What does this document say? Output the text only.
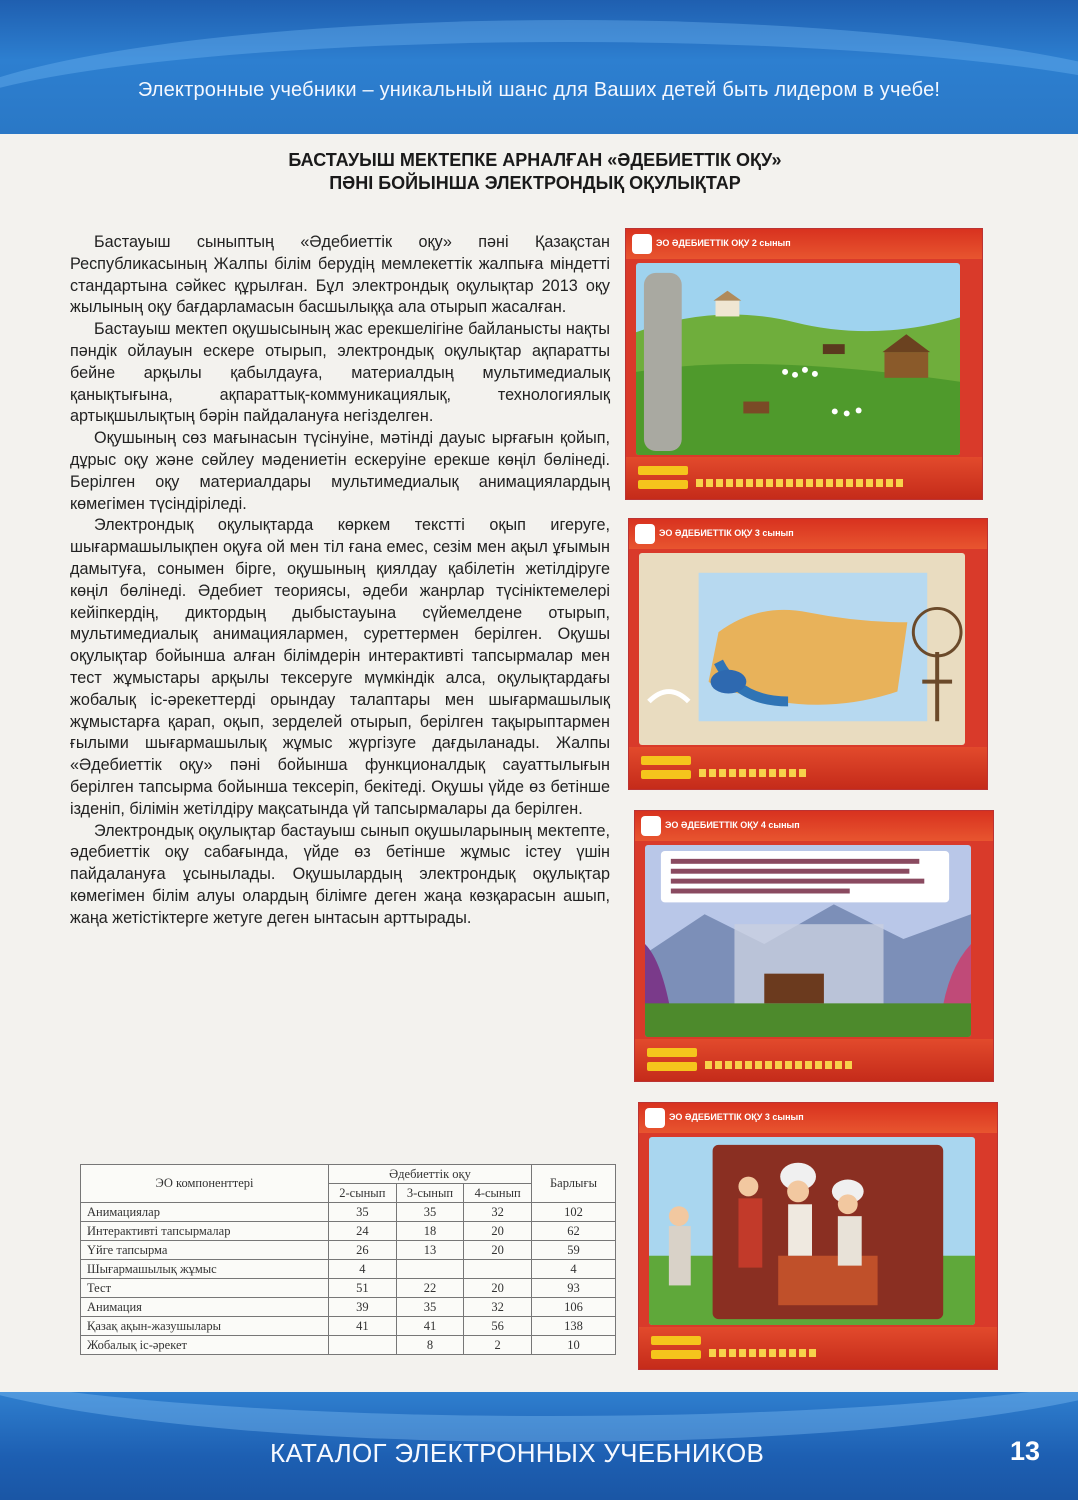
Электронные учебники – уникальный шанс для Ваших детей быть лидером в учебе!
БАСТАУЫШ МЕКТЕПКЕ АРНАЛҒАН «ӘДЕБИЕТТІК ОҚУ»
ПӘНІ БОЙЫНША ЭЛЕКТРОНДЫҚ ОҚУЛЫҚТАР

Бастауыш сыныптың «Әдебиеттік оқу» пәні Қазақстан Республикасының Жалпы білім берудің мемлекеттік жалпыға міндетті стандартына сәйкес құрылған. Бұл электрондық оқулықтар 2013 оқу жылының оқу бағдарламасын басшылыққа ала отырып жасалған.

Бастауыш мектеп оқушысының жас ерекшелігіне байланысты нақты пәндік ойлауын ескере отырып, электрондық оқулықтар ақпаратты бейне арқылы қабылдауға, материалдың мультимедиалық қанықтығына, ақпараттық-коммуникациялық, технологиялық артықшылықтың бәрін пайдалануға негізделген.

Оқушының сөз мағынасын түсінуіне, мәтінді дауыс ырғағын қойып, дұрыс оқу және сөйлеу мәдениетін ескеруіне ерекше көңіл бөлінеді. Берілген оқу материалдары мультимедиалық анимациялардың көмегімен түсіндіріледі.

Электрондық оқулықтарда көркем текстті оқып игеруге, шығармашылықпен оқуға ой мен тіл ғана емес, сезім мен ақыл ұғымын дамытуға, сонымен бірге, оқушының қиялдау қабілетін жетілдіруге көңіл бөлінеді. Әдебиет теориясы, әдеби жанрлар түсініктемелері кейіпкердің, диктордың дыбыстауына сүйемелдене отырып, мультимедиалық анимациялармен, суреттермен берілген. Оқушы оқулықтар бойынша алған білімдерін интерактивті тапсырмалар мен тест жұмыстары арқылы тексеруге мүмкіндік алса, оқулықтардағы жобалық іс-әрекеттерді орындау талаптары мен шығармашылық жұмыстарға қарап, оқып, зерделей отырып, берілген тақырыптармен ғылыми шығармашылық жұмыс жүргізуге дағдыланады. Жалпы «Әдебиеттік оқу» пәні бойынша функционалдық сауаттылығын берілген тапсырма бойынша тексеріп, бекітеді. Оқушы үйде өз бетінше ізденіп, білімін жетілдіру мақсатында үй тапсырмалары да берілген.

Электрондық оқулықтар бастауыш сынып оқушыларының мектепте, әдебиеттік оқу сабағында, үйде өз бетінше жұмыс істеу үшін пайдалануға ұсынылады. Оқушылардың электрондық оқулықтар көмегімен білім алуы олардың білімге деген жаңа көзқарасын ашып, жаңа жетістіктерге жетуге деген ынтасын арттырады.

ЭО ӘДЕБИЕТТІК ОҚУ 2 сынып
ЭО ӘДЕБИЕТТІК ОҚУ 3 сынып
ЭО ӘДЕБИЕТТІК ОҚУ 4 сынып
ЭО ӘДЕБИЕТТІК ОҚУ 3 сынып
ЭО компоненттері	Әдебиеттік оқу			Барлығы
	2-сынып	3-сынып	4-сынып	
Анимациялар	35	35	32	102
Интерактивті тапсырмалар	24	18	20	62
Үйге тапсырма	26	13	20	59
Шығармашылық жұмыс	4			4
Тест	51	22	20	93
Анимация	39	35	32	106
Қазақ ақын-жазушылары	41	41	56	138
Жобалық іс-әрекет		8	2	10
КАТАЛОГ ЭЛЕКТРОННЫХ УЧЕБНИКОВ	13
